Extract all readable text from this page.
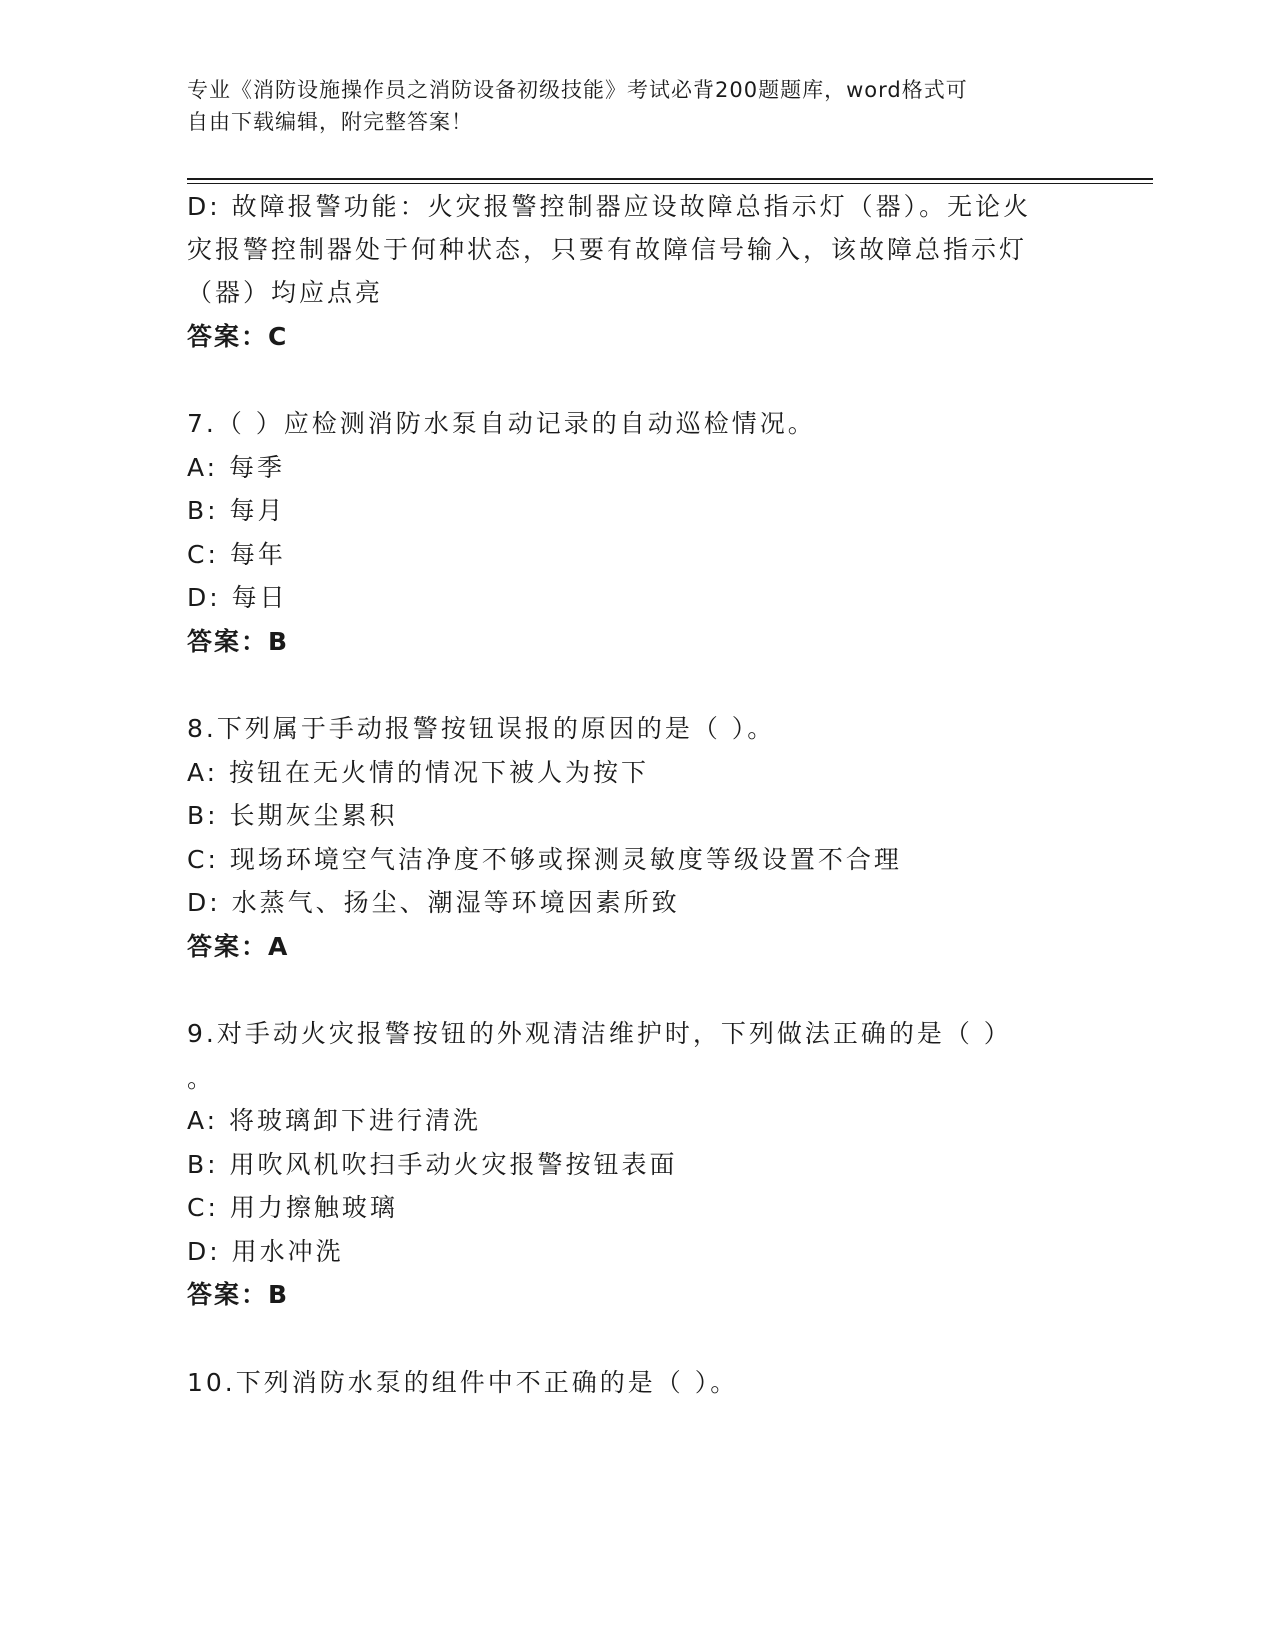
专业《消防设施操作员之消防设备初级技能》考试必背200题题库，word格式可
自由下载编辑，附完整答案！
D: 故障报警功能：火灾报警控制器应设故障总指示灯（器）。无论火
灾报警控制器处于何种状态，只要有故障信号输入，该故障总指示灯
（器）均应点亮
答案：C
7.（ ）应检测消防水泵自动记录的自动巡检情况。
A: 每季
B: 每月
C: 每年
D: 每日
答案：B
8.下列属于手动报警按钮误报的原因的是（ ）。
A: 按钮在无火情的情况下被人为按下
B: 长期灰尘累积
C: 现场环境空气洁净度不够或探测灵敏度等级设置不合理
D: 水蒸气、扬尘、潮湿等环境因素所致
答案：A
9.对手动火灾报警按钮的外观清洁维护时，下列做法正确的是（ ）
。
A: 将玻璃卸下进行清洗
B: 用吹风机吹扫手动火灾报警按钮表面
C: 用力擦触玻璃
D: 用水冲洗
答案：B
10.下列消防水泵的组件中不正确的是（ ）。
